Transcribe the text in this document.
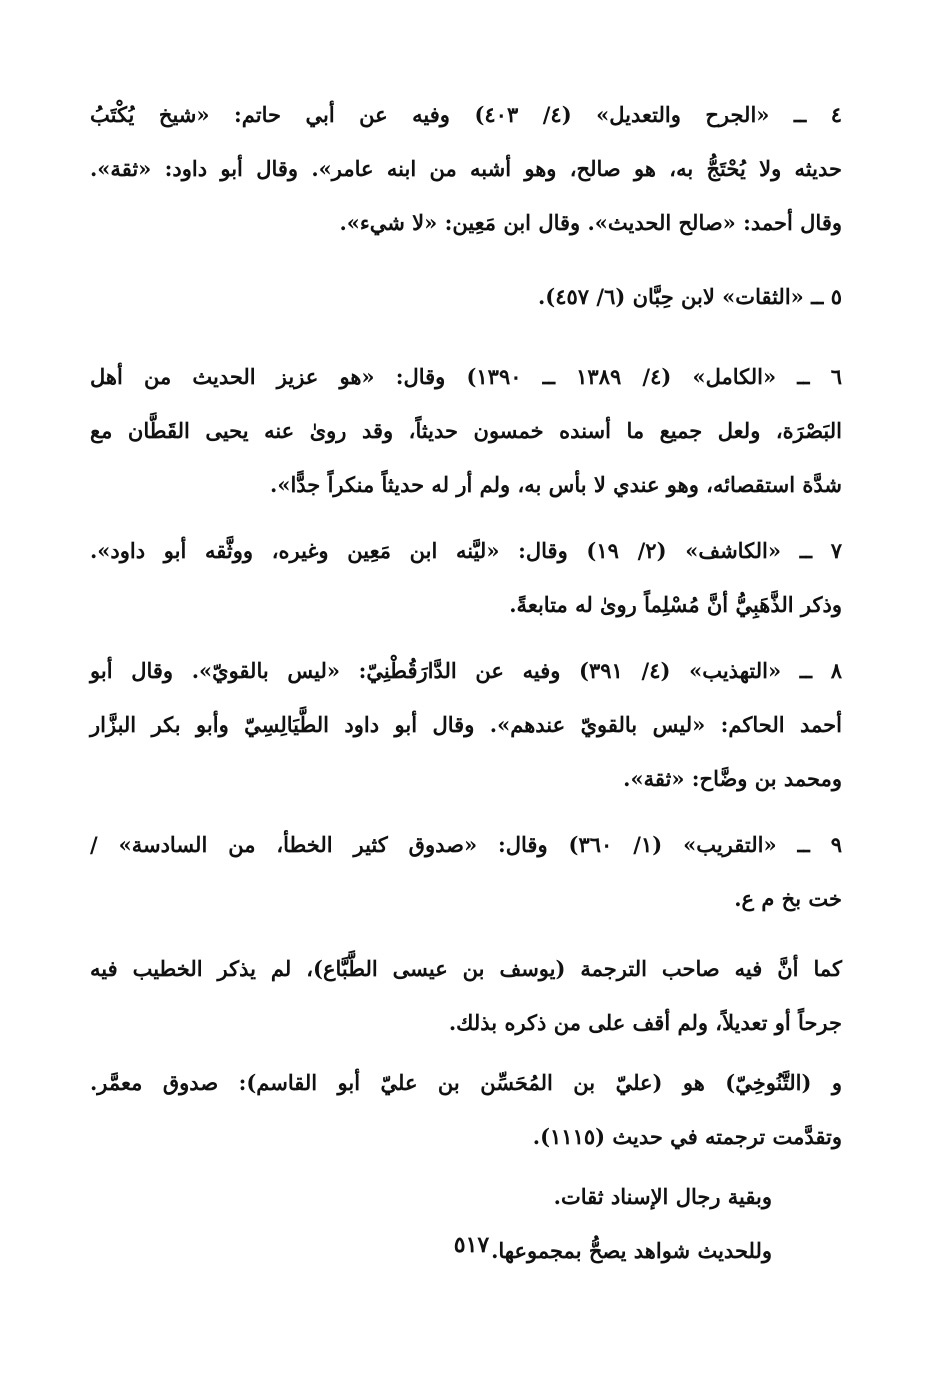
٤ ــ «الجرح والتعديل» (٤/ ٤٠٣) وفيه عن أبي حاتم: «شيخ يُكْتَبُ
حديثه ولا يُحْتَجُّ به، هو صالح، وهو أشبه من ابنه عامر». وقال أبو داود: «ثقة».
وقال أحمد: «صالح الحديث». وقال ابن مَعِين: «لا شيء».
٥ ــ «الثقات» لابن حِبَّان (٦/ ٤٥٧).
٦ ــ «الكامل» (٤/ ١٣٨٩ ــ ١٣٩٠) وقال: «هو عزيز الحديث من أهل
البَصْرَة، ولعل جميع ما أسنده خمسون حديثاً، وقد روىٰ عنه يحيى القَطَّان مع
شدَّة استقصائه، وهو عندي لا بأس به، ولم أر له حديثاً منكراً جدًّا».
٧ ــ «الكاشف» (٢/ ١٩) وقال: «ليَّنه ابن مَعِين وغيره، ووثَّقه أبو داود».
وذكر الذَّهَبِيُّ أنَّ مُسْلِماً روىٰ له متابعةً.
٨ ــ «التهذيب» (٤/ ٣٩١) وفيه عن الدَّارَقُطْنِيّ: «ليس بالقويّ». وقال أبو
أحمد الحاكم: «ليس بالقويّ عندهم». وقال أبو داود الطَّيَالِسِيّ وأبو بكر البزَّار
ومحمد بن وضَّاح: «ثقة».
٩ ــ «التقريب» (١/ ٣٦٠) وقال: «صدوق كثير الخطأ، من السادسة» /
خت بخ م ع.
كما أنَّ فيه صاحب الترجمة (يوسف بن عيسى الطَّبَّاع)، لم يذكر الخطيب فيه
جرحاً أو تعديلاً، ولم أقف على من ذكره بذلك.
و (التَّنُوخِيّ) هو (عليّ بن المُحَسِّن بن عليّ أبو القاسم): صدوق معمَّر.
وتقدَّمت ترجمته في حديث (١١١٥).
وبقية رجال الإسناد ثقات.
وللحديث شواهد يصحُّ بمجموعها.
٥١٧
